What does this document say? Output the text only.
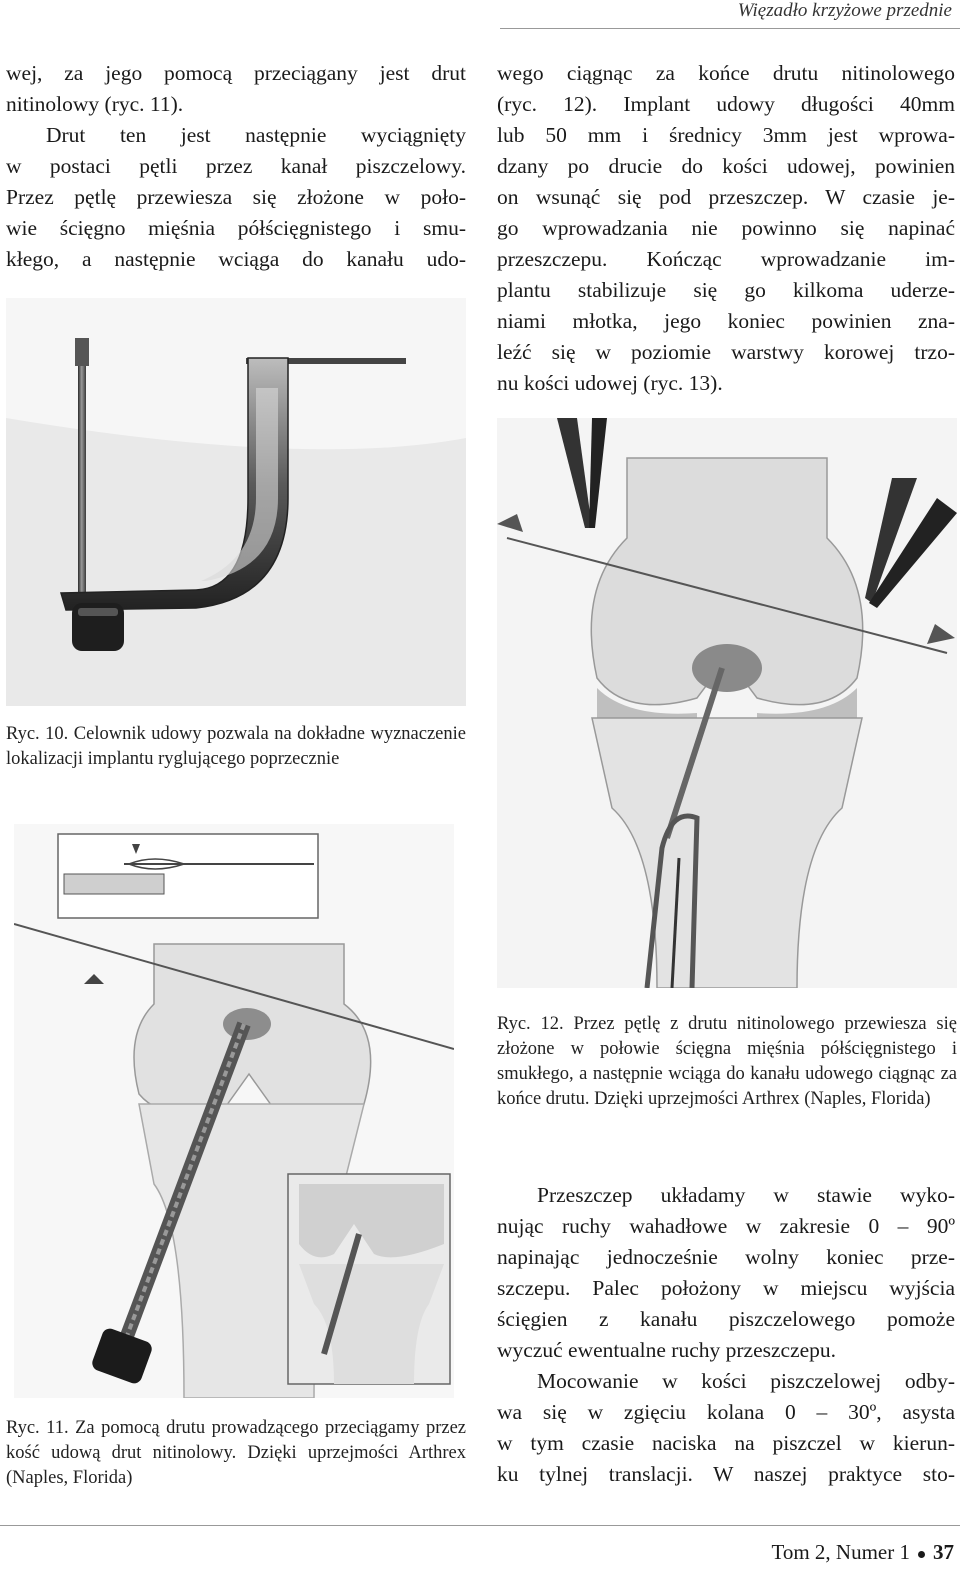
Więzadło krzyżowe przednie

wej, za jego pomocą przeciągany jest drut

nitinolowy (ryc. 11).

Drut ten jest następnie wyciągnięty

w postaci pętli przez kanał piszczelowy.

Przez pętlę przewiesza się złożone w poło-

wie ścięgno mięśnia półścięgnistego i smu-

kłego, a następnie wciąga do kanału udo-

wego ciągnąc za końce drutu nitinolowego

(ryc. 12). Implant udowy długości 40mm

lub 50 mm i średnicy 3mm jest wprowa-

dzany po drucie do kości udowej, powinien

on wsunąć się pod przeszczep. W czasie je-

go wprowadzania nie powinno się napinać

przeszczepu. Kończąc wprowadzanie im-

plantu stabilizuje się go kilkoma uderze-

niami młotka, jego koniec powinien zna-

leźć się w poziomie warstwy korowej trzo-

nu kości udowej (ryc. 13).

Ryc. 10. Celownik udowy pozwala na dokładne wyznaczenie lokalizacji implantu ryglującego poprzecznie
Ryc. 12. Przez pętlę z drutu nitinolowego przewiesza się złożone w połowie ścięgna mięśnia półścięgnistego i smukłego, a następnie wciąga do kanału udowego ciągnąc za końce drutu. Dzięki uprzejmości Arthrex (Naples, Florida)
Ryc. 11. Za pomocą drutu prowadzącego przeciągamy przez kość udową drut nitinolowy. Dzięki uprzejmości Arthrex (Naples, Florida)

Przeszczep układamy w stawie wyko-

nując ruchy wahadłowe w zakresie 0 – 90º

napinając jednocześnie wolny koniec prze-

szczepu. Palec położony w miejscu wyjścia

ścięgien z kanału piszczelowego pomoże

wyczuć ewentualne ruchy przeszczepu.

Mocowanie w kości piszczelowej odby-

wa się w zgięciu kolana 0 – 30º, asysta

w tym czasie naciska na piszczel w kierun-

ku tylnej translacji. W naszej praktyce sto-

Tom 2, Numer 1 37
